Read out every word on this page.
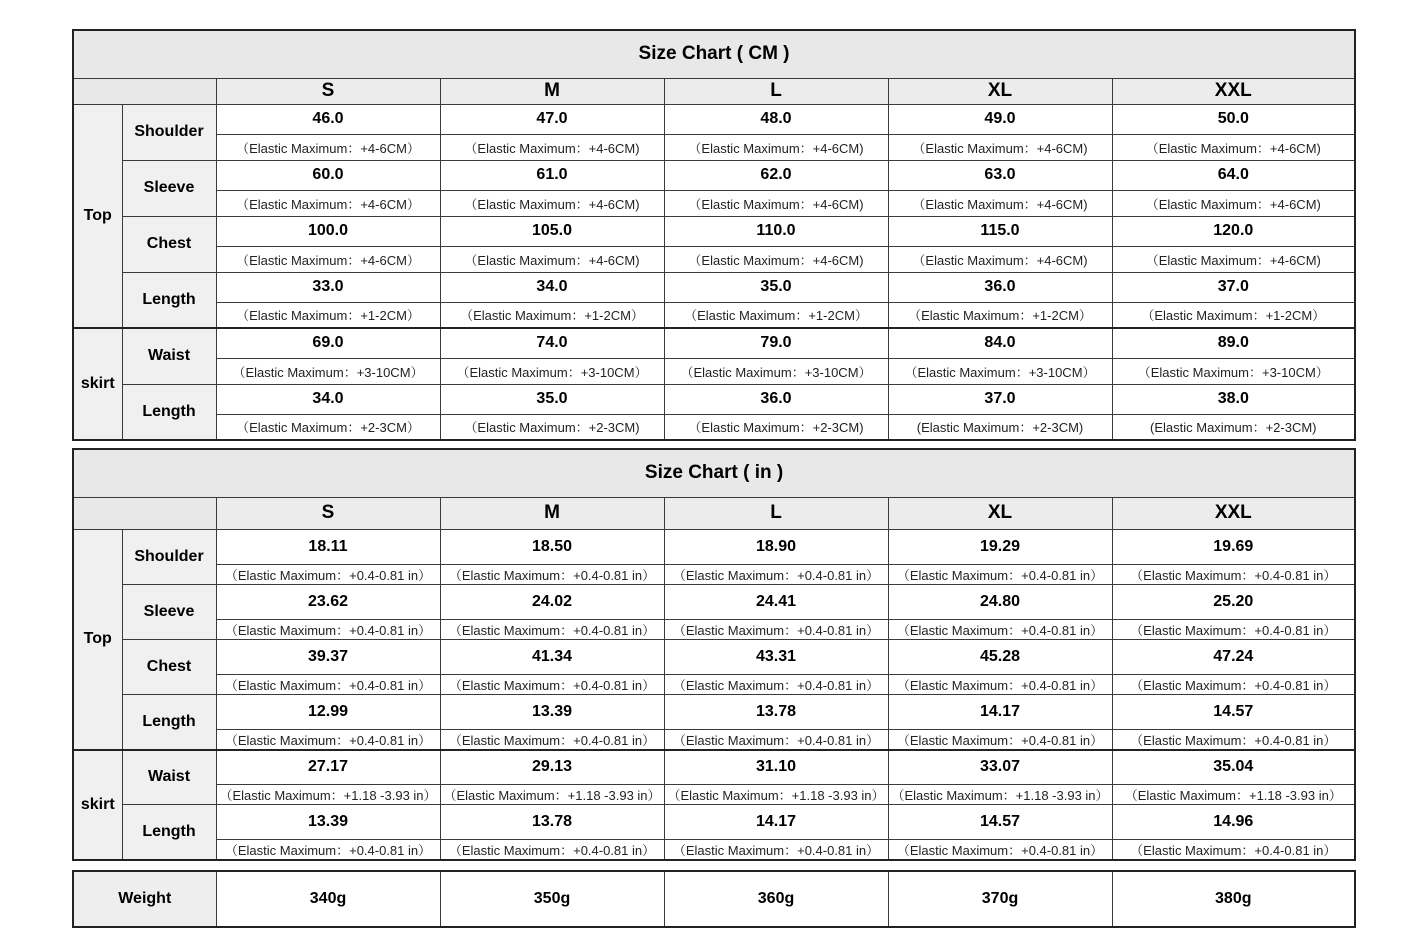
Size Chart ( CM )						
		S	M	L	XL	XXL
Top	Shoulder	46.0	47.0	48.0	49.0	50.0
		（Elastic Maximum：+4-6CM）	（Elastic Maximum：+4-6CM)	（Elastic Maximum：+4-6CM)	（Elastic Maximum：+4-6CM)	（Elastic Maximum：+4-6CM)
	Sleeve	60.0	61.0	62.0	63.0	64.0
		（Elastic Maximum：+4-6CM）	（Elastic Maximum：+4-6CM)	（Elastic Maximum：+4-6CM)	（Elastic Maximum：+4-6CM)	（Elastic Maximum：+4-6CM)
	Chest	100.0	105.0	110.0	115.0	120.0
		（Elastic Maximum：+4-6CM）	（Elastic Maximum：+4-6CM)	（Elastic Maximum：+4-6CM)	（Elastic Maximum：+4-6CM)	（Elastic Maximum：+4-6CM)
	Length	33.0	34.0	35.0	36.0	37.0
		（Elastic Maximum：+1-2CM）	（Elastic Maximum：+1-2CM）	（Elastic Maximum：+1-2CM）	（Elastic Maximum：+1-2CM）	（Elastic Maximum：+1-2CM）
skirt	Waist	69.0	74.0	79.0	84.0	89.0
		（Elastic Maximum：+3-10CM）	（Elastic Maximum：+3-10CM）	（Elastic Maximum：+3-10CM）	（Elastic Maximum：+3-10CM）	（Elastic Maximum：+3-10CM）
	Length	34.0	35.0	36.0	37.0	38.0
		（Elastic Maximum：+2-3CM）	（Elastic Maximum：+2-3CM)	（Elastic Maximum：+2-3CM)	(Elastic Maximum：+2-3CM)	(Elastic Maximum：+2-3CM)
Size Chart ( in )						
		S	M	L	XL	XXL
Top	Shoulder	18.11	18.50	18.90	19.29	19.69
		（Elastic Maximum：+0.4-0.81 in）	（Elastic Maximum：+0.4-0.81 in）	（Elastic Maximum：+0.4-0.81 in）	（Elastic Maximum：+0.4-0.81 in）	（Elastic Maximum：+0.4-0.81 in）
	Sleeve	23.62	24.02	24.41	24.80	25.20
		（Elastic Maximum：+0.4-0.81 in）	（Elastic Maximum：+0.4-0.81 in）	（Elastic Maximum：+0.4-0.81 in）	（Elastic Maximum：+0.4-0.81 in）	（Elastic Maximum：+0.4-0.81 in）
	Chest	39.37	41.34	43.31	45.28	47.24
		（Elastic Maximum：+0.4-0.81 in）	（Elastic Maximum：+0.4-0.81 in）	（Elastic Maximum：+0.4-0.81 in）	（Elastic Maximum：+0.4-0.81 in）	（Elastic Maximum：+0.4-0.81 in）
	Length	12.99	13.39	13.78	14.17	14.57
		（Elastic Maximum：+0.4-0.81 in）	（Elastic Maximum：+0.4-0.81 in）	（Elastic Maximum：+0.4-0.81 in）	（Elastic Maximum：+0.4-0.81 in）	（Elastic Maximum：+0.4-0.81 in）
skirt	Waist	27.17	29.13	31.10	33.07	35.04
		（Elastic Maximum：+1.18 -3.93 in）	（Elastic Maximum：+1.18 -3.93 in）	（Elastic Maximum：+1.18 -3.93 in）	（Elastic Maximum：+1.18 -3.93 in）	（Elastic Maximum：+1.18 -3.93 in）
	Length	13.39	13.78	14.17	14.57	14.96
		（Elastic Maximum：+0.4-0.81 in）	（Elastic Maximum：+0.4-0.81 in）	（Elastic Maximum：+0.4-0.81 in）	（Elastic Maximum：+0.4-0.81 in）	（Elastic Maximum：+0.4-0.81 in）
Weight	340g	350g	360g	370g	380g
